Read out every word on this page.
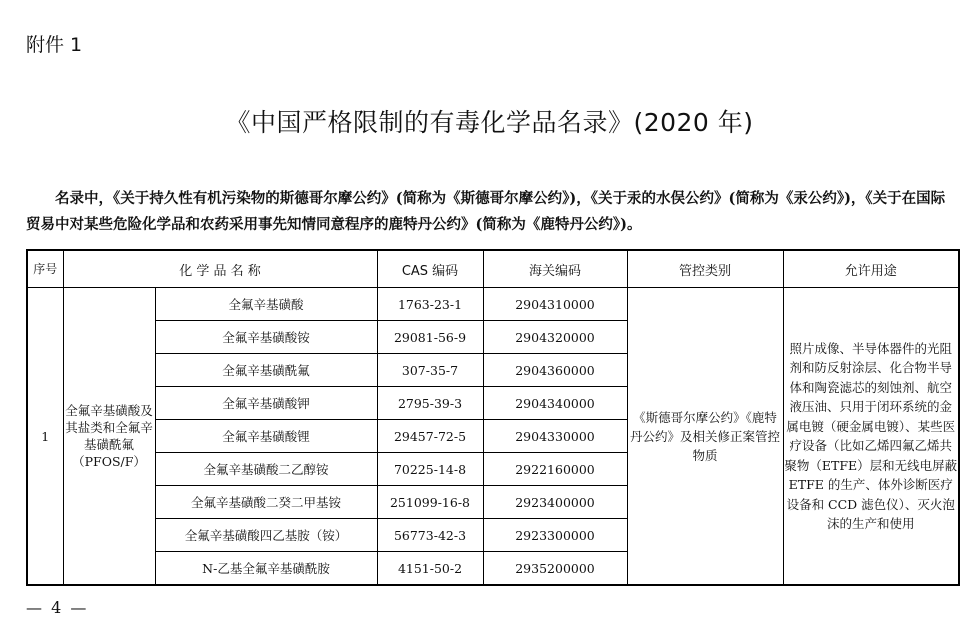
附件 1
《中国严格限制的有毒化学品名录》(2020 年)
名录中，《关于持久性有机污染物的斯德哥尔摩公约》(简称为《斯德哥尔摩公约》)，《关于汞的水俣公约》(简称为《汞公约》)，《关于在国际贸易中对某些危险化学品和农药采用事先知情同意程序的鹿特丹公约》(简称为《鹿特丹公约》)。
序号	化 学 品 名 称		CAS 编码	海关编码	管控类别	允许用途
1	全氟辛基磺酸及其盐类和全氟辛基磺酰氟（PFOS/F）	全氟辛基磺酸	1763-23-1	2904310000	《斯德哥尔摩公约》《鹿特丹公约》及相关修正案管控物质	照片成像、半导体器件的光阻剂和防反射涂层、化合物半导体和陶瓷滤芯的刻蚀剂、航空液压油、只用于闭环系统的金属电镀（硬金属电镀）、某些医疗设备（比如乙烯四氟乙烯共聚物（ETFE）层和无线电屏蔽ETFE 的生产、体外诊断医疗设备和 CCD 滤色仪）、灭火泡沫的生产和使用
		全氟辛基磺酸铵	29081-56-9	2904320000		
		全氟辛基磺酰氟	307-35-7	2904360000		
		全氟辛基磺酸钾	2795-39-3	2904340000		
		全氟辛基磺酸锂	29457-72-5	2904330000		
		全氟辛基磺酸二乙醇铵	70225-14-8	2922160000		
		全氟辛基磺酸二癸二甲基铵	251099-16-8	2923400000		
		全氟辛基磺酸四乙基胺（铵）	56773-42-3	2923300000		
		N-乙基全氟辛基磺酰胺	4151-50-2	2935200000		
— 4 —
